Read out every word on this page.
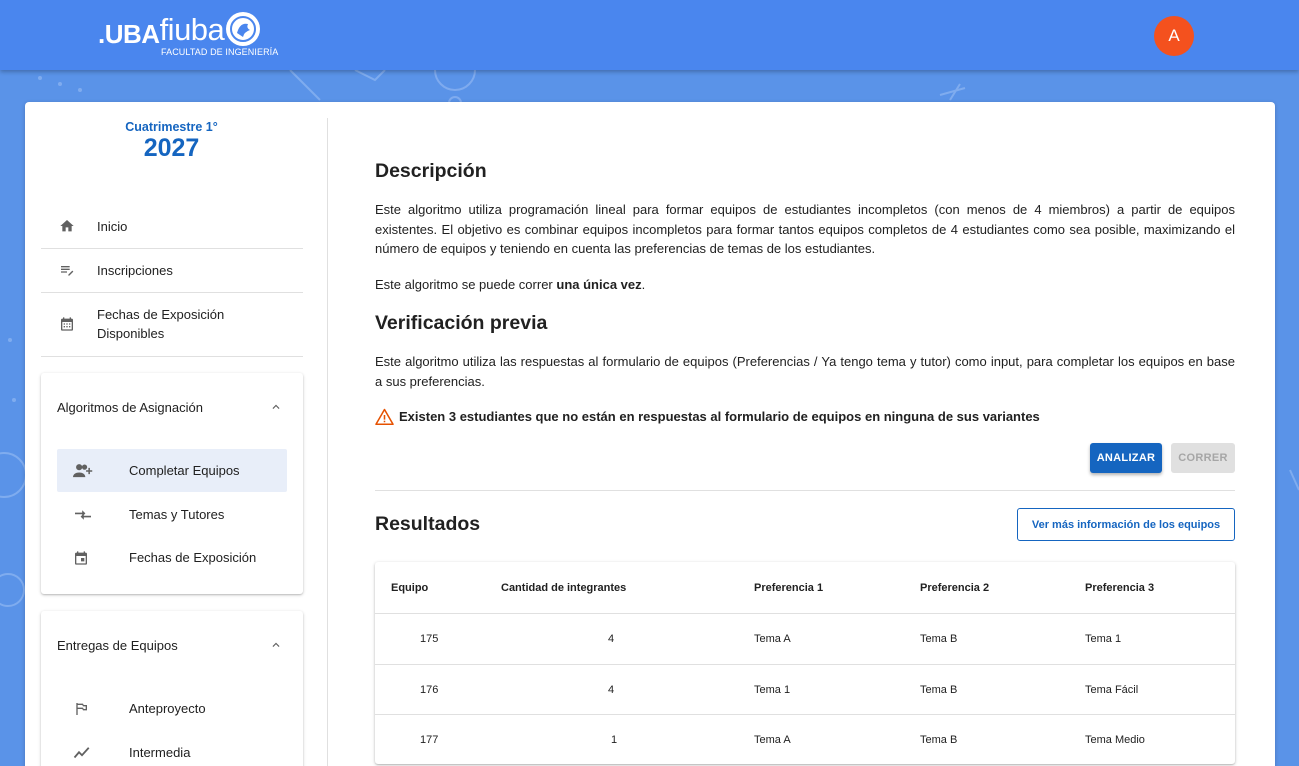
.UBA fiuba
FACULTAD DE INGENIERÍA
A
Cuatrimestre 1°
2027
Inicio
Inscripciones
Fechas de Exposición Disponibles
Algoritmos de Asignación
Completar Equipos
Temas y Tutores
Fechas de Exposición
Entregas de Equipos
Anteproyecto
Intermedia
Descripción

Este algoritmo utiliza programación lineal para formar equipos de estudiantes incompletos (con menos de 4 miembros) a partir de equipos existentes. El objetivo es combinar equipos incompletos para formar tantos equipos completos de 4 estudiantes como sea posible, maximizando el número de equipos y teniendo en cuenta las preferencias de temas de los estudiantes.

Este algoritmo se puede correr una única vez.

Verificación previa

Este algoritmo utiliza las respuestas al formulario de equipos (Preferencias / Ya tengo tema y tutor) como input, para completar los equipos en base a sus preferencias.

Existen 3 estudiantes que no están en respuestas al formulario de equipos en ninguna de sus variantes
ANALIZAR	CORRER
Resultados	Ver más información de los equipos
Equipo	Cantidad de integrantes	Preferencia 1	Preferencia 2	Preferencia 3
175	4	Tema A	Tema B	Tema 1
176	4	Tema 1	Tema B	Tema Fácil
177	1	Tema A	Tema B	Tema Medio
